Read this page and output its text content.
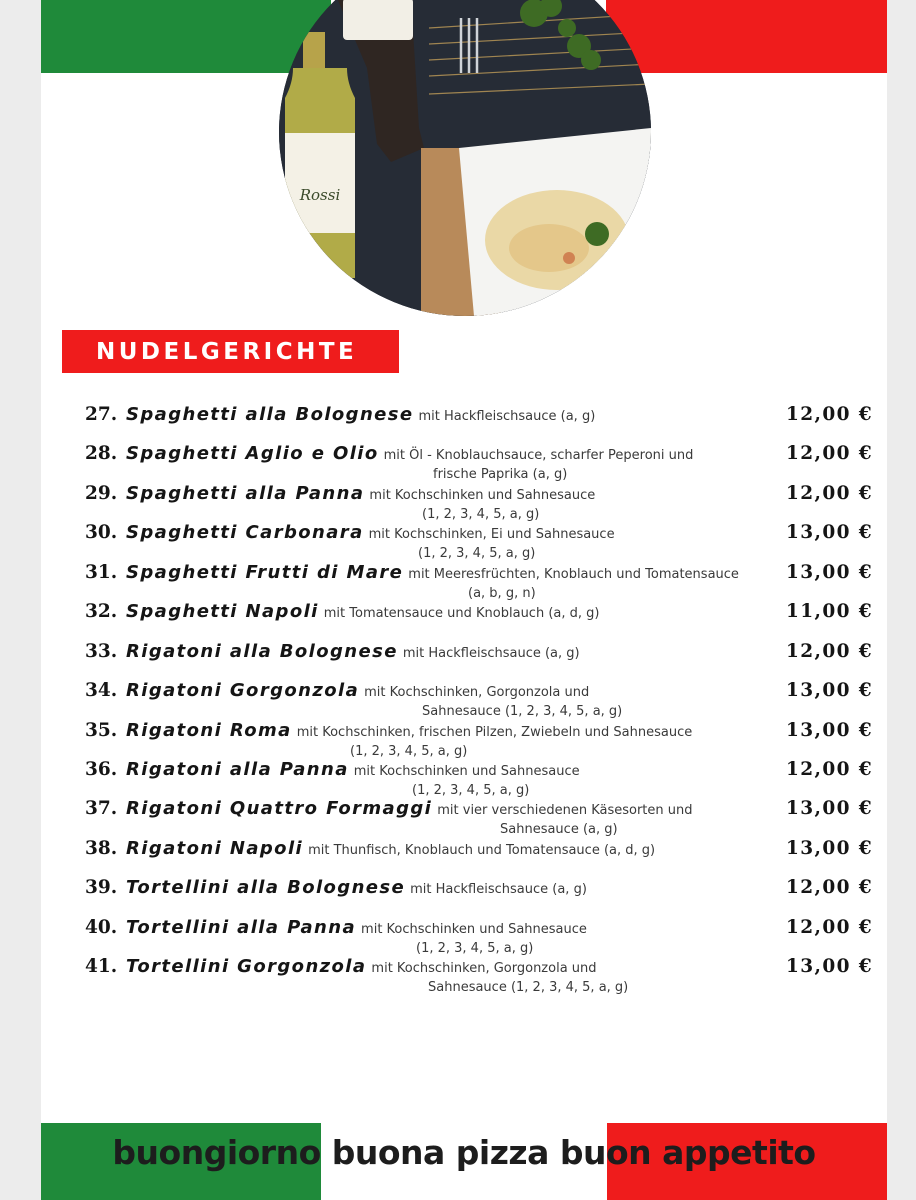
Rossi
NUDELGERICHTE
27. Spaghetti alla Bolognese mit Hackfleischsauce (a, g)	12,00 €
28. Spaghetti Aglio e Olio mit Öl - Knoblauchsauce, scharfer Peperoni und
frische Paprika (a, g)
12,00 €
29. Spaghetti alla Panna mit Kochschinken und Sahnesauce
(1, 2, 3, 4, 5, a, g)
12,00 €
30. Spaghetti Carbonara mit Kochschinken, Ei und Sahnesauce
(1, 2, 3, 4, 5, a, g)
13,00 €
31. Spaghetti Frutti di Mare mit Meeresfrüchten, Knoblauch und Tomatensauce
(a, b, g, n)
13,00 €
32. Spaghetti Napoli mit Tomatensauce und Knoblauch (a, d, g)	11,00 €
33. Rigatoni alla Bolognese mit Hackfleischsauce (a, g)	12,00 €
34. Rigatoni Gorgonzola mit Kochschinken, Gorgonzola und
Sahnesauce (1, 2, 3, 4, 5, a, g)
13,00 €
35. Rigatoni Roma mit Kochschinken, frischen Pilzen, Zwiebeln und Sahnesauce
(1, 2, 3, 4, 5, a, g)
13,00 €
36. Rigatoni alla Panna mit Kochschinken und Sahnesauce
(1, 2, 3, 4, 5, a, g)
12,00 €
37. Rigatoni Quattro Formaggi mit vier verschiedenen Käsesorten und
Sahnesauce (a, g)
13,00 €
38. Rigatoni Napoli mit Thunfisch, Knoblauch und Tomatensauce (a, d, g)	13,00 €
39. Tortellini alla Bolognese mit Hackfleischsauce (a, g)	12,00 €
40. Tortellini alla Panna mit Kochschinken und Sahnesauce
(1, 2, 3, 4, 5, a, g)
12,00 €
41. Tortellini Gorgonzola mit Kochschinken, Gorgonzola und
Sahnesauce (1, 2, 3, 4, 5, a, g)
13,00 €
buongiorno buona pizza buon appetito
